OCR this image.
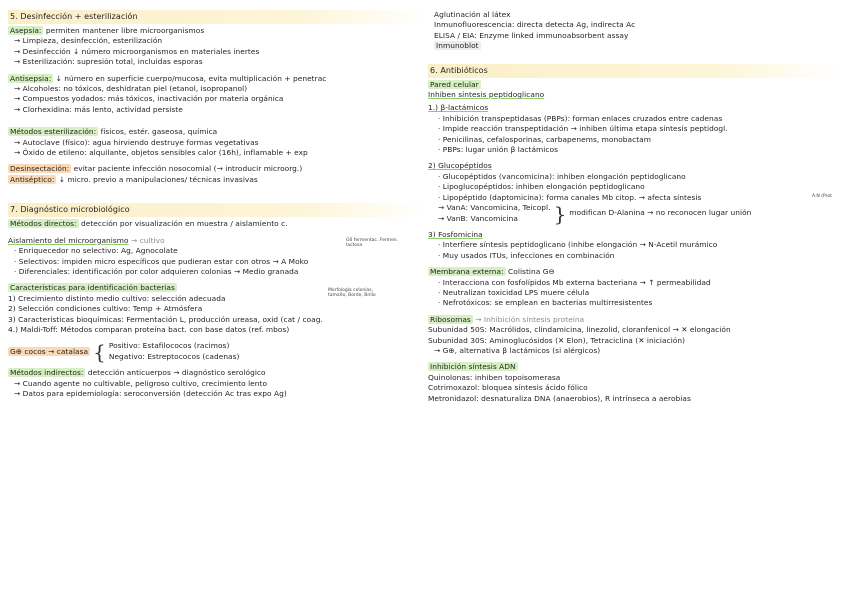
5. Desinfección + esterilización
Asepsia: permiten mantener libre microorganismos
→ Limpieza, desinfección, esterilización
→ Desinfección ↓ número microorganismos en materiales inertes
→ Esterilización: supresión total, incluidas esporas
Antisepsia: ↓ número en superficie cuerpo/mucosa, evita multiplicación + penetrac
→ Alcoholes: no tóxicos, deshidratan piel (etanol, isopropanol)
→ Compuestos yodados: más tóxicos, inactivación por materia orgánica
→ Clorhexidina: más lento, actividad persiste
Métodos esterilización: físicos, estér. gaseosa, química
→ Autoclave (físico): agua hirviendo destruye formas vegetativas
→ Óxido de etileno: alquilante, objetos sensibles calor (16h), inflamable + exp
Desinsectación: evitar paciente infección nosocomial (→ introducir microorg.)
Antiséptico: ↓ micro. previo a manipulaciones/ técnicas invasivas
7. Diagnóstico microbiológico
Métodos directos: detección por visualización en muestra / aislamiento c.
Aislamiento del microorganismo → cultivo
· Enriquecedor no selectivo: Ag, Agnocolate
· Selectivos: impiden micro específicos que pudieran estar con otros → A Moko
· Diferenciales: identificación por color adquieren colonias → Medio granada
G0 fermentac. Fermen. lactosa
Características para identificación bacterias
1) Crecimiento distinto medio cultivo: selección adecuada
2) Selección condiciones cultivo: Temp + Atmósfera
3) Características bioquímicas: Fermentación L, producción ureasa, oxid (cat / coag.
4.) Maldi-Toff: Métodos comparan proteína bact. con base datos (ref. mbos)
Morfología colonias, tamaño, Borde, Brillo
G⊕ cocos → catalasa { Positivo: Estafilococos (racimos)
Negativo: Estreptococos (cadenas)
Métodos indirectos: detección anticuerpos → diagnóstico serológico
→ Cuando agente no cultivable, peligroso cultivo, crecimiento lento
→ Datos para epidemiología: seroconversión (detección Ac tras expo Ag)
Aglutinación al látex
Inmunofluorescencia: directa detecta Ag, indirecta Ac
ELISA / EIA: Enzyme linked immunoabsorbent assay
Inmunoblot
6. Antibióticos
Pared celular
Inhiben síntesis peptidoglicano
1.) β-lactámicos
· Inhibición transpeptidasas (PBPs): forman enlaces cruzados entre cadenas
· Impide reacción transpeptidación → inhiben última etapa síntesis peptidogl.
· Penicilinas, cefalosporinas, carbapenems, monobactam
· PBPs: lugar unión β lactámicos
2) Glucopéptidos
· Glucopéptidos (vancomicina): inhiben elongación peptidoglicano
· Lipoglucopéptidos: inhiben elongación peptidoglicano
· Lipopéptido (daptomicina): forma canales Mb citop. → afecta síntesis	A.N (Prot
→ VanA: Vancomicina, Teicopl.
→ VanB: Vancomicina	} modifican D-Alanina → no reconocen lugar unión
3) Fosfomicina
· Interfiere síntesis peptidoglicano (inhibe elongación → N-Acetil murámico
· Muy usados ITUs, infecciones en combinación
Membrana externa: Colistina G⊖
· Interacciona con fosfolípidos Mb externa bacteriana → ↑ permeabilidad
· Neutralizan toxicidad LPS muere célula
· Nefrotóxicos: se emplean en bacterias multirresistentes
Ribosomas → Inhibición síntesis proteína
Subunidad 50S: Macrólidos, clindamicina, linezolid, cloranfenicol → ✕ elongación
Subunidad 30S: Aminoglucósidos (✕ Elon), Tetraciclina (✕ iniciación)
→ G⊕, alternativa β lactámicos (si alérgicos)
Inhibición síntesis ADN
Quinolonas: inhiben topoisomerasa
Cotrimoxazol: bloquea síntesis ácido fólico
Metronidazol: desnaturaliza DNA (anaerobios), R intrínseca a aerobias
